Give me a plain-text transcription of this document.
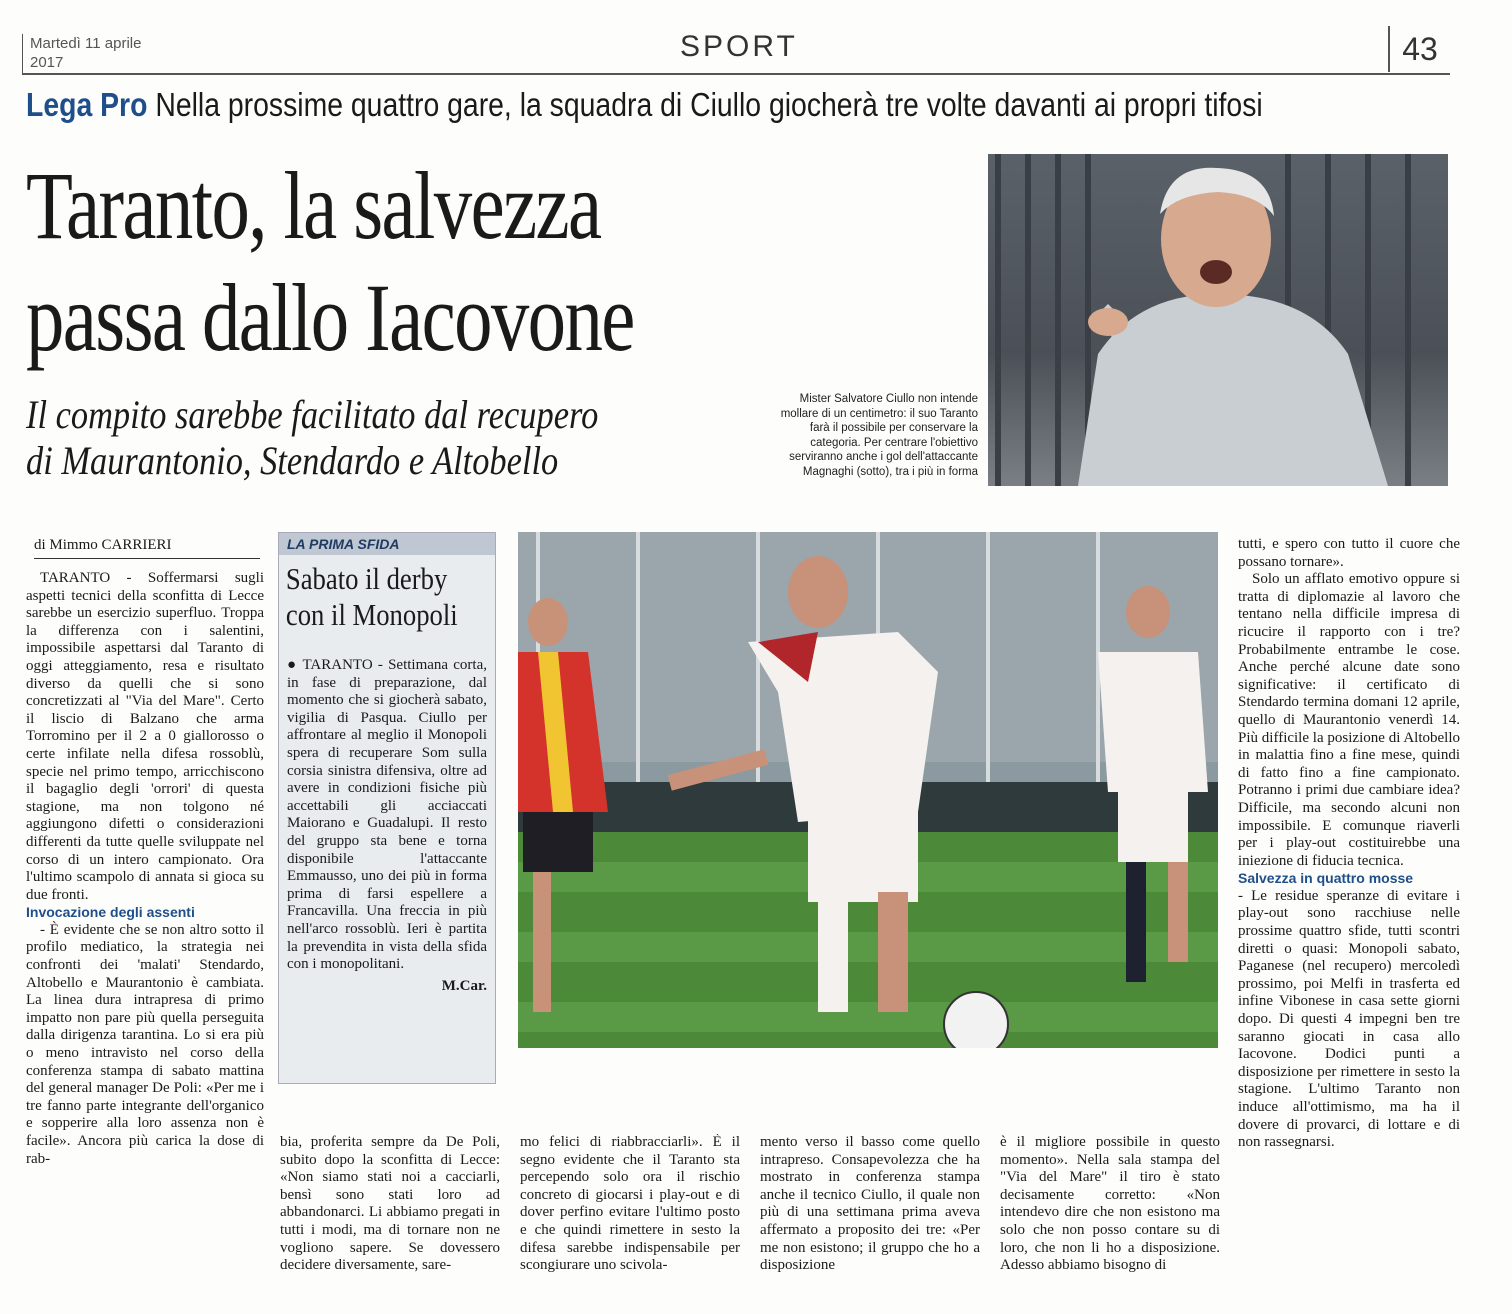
Martedì 11 aprile
2017	SPORT	43
Lega Pro Nella prossime quattro gare, la squadra di Ciullo giocherà tre volte davanti ai propri tifosi
Taranto, la salvezza
passa dallo Iacovone
Il compito sarebbe facilitato dal recupero
di Maurantonio, Stendardo e Altobello
Mister Salvatore Ciullo non intende mollare di un centimetro: il suo Taranto farà il possibile per conservare la categoria. Per centrare l'obiettivo serviranno anche i gol dell'attaccante Magnaghi (sotto), tra i più in forma
di Mimmo CARRIERI

TARANTO - Soffermarsi sugli aspetti tecnici della sconfitta di Lecce sarebbe un esercizio superfluo. Troppa la differenza con i salentini, impossibile aspettarsi dal Taranto di oggi atteggiamento, resa e risultato diverso da quelli che si sono concretizzati al "Via del Mare". Certo il liscio di Balzano che arma Torromino per il 2 a 0 giallorosso o certe infilate nella difesa rossoblù, specie nel primo tempo, arricchiscono il bagaglio degli 'orrori' di questa stagione, ma non tolgono né aggiungono difetti o considerazioni differenti da tutte quelle sviluppate nel corso di un intero campionato. Ora l'ultimo scampolo di annata si gioca su due fronti.

Invocazione degli assenti

- È evidente che se non altro sotto il profilo mediatico, la strategia nei confronti dei 'malati' Stendardo, Altobello e Maurantonio è cambiata. La linea dura intrapresa di primo impatto non pare più quella perseguita dalla dirigenza tarantina. Lo si era più o meno intravisto nel corso della conferenza stampa di sabato mattina del general manager De Poli: «Per me i tre fanno parte integrante dell'organico e sopperire alla loro assenza non è facile». Ancora più carica la dose di rab-

LA PRIMA SFIDA
Sabato il derby
con il Monopoli
● TARANTO - Settimana corta, in fase di preparazione, dal momento che si giocherà sabato, vigilia di Pasqua. Ciullo per affrontare al meglio il Monopoli spera di recuperare Som sulla corsia sinistra difensiva, oltre ad avere in condizioni fisiche più accettabili gli acciaccati Maiorano e Guadalupi. Il resto del gruppo sta bene e torna disponibile l'attaccante Emmausso, uno dei più in forma prima di farsi espellere a Francavilla. Una freccia in più nell'arco rossoblù. Ieri è partita la prevendita in vista della sfida con i monopolitani.
M.Car.

bia, proferita sempre da De Poli, subito dopo la sconfitta di Lecce: «Non siamo stati noi a cacciarli, bensì sono stati loro ad abbandonarci. Li abbiamo pregati in tutti i modi, ma di tornare non ne vogliono sapere. Se dovessero decidere diversamente, sare-

mo felici di riabbracciarli». È il segno evidente che il Taranto sta percependo solo ora il rischio concreto di giocarsi i play-out e di dover perfino evitare l'ultimo posto e che quindi rimettere in sesto la difesa sarebbe indispensabile per scongiurare uno scivola-

mento verso il basso come quello intrapreso. Consapevolezza che ha mostrato in conferenza stampa anche il tecnico Ciullo, il quale non più di una settimana prima aveva affermato a proposito dei tre: «Per me non esistono; il gruppo che ho a disposizione

è il migliore possibile in questo momento». Nella sala stampa del "Via del Mare" il tiro è stato decisamente corretto: «Non intendevo dire che non esistono ma solo che non posso contare su di loro, che non li ho a disposizione. Adesso abbiamo bisogno di

tutti, e spero con tutto il cuore che possano tornare».

Solo un afflato emotivo oppure si tratta di diplomazie al lavoro che tentano nella difficile impresa di ricucire il rapporto con i tre? Probabilmente entrambe le cose. Anche perché alcune date sono significative: il certificato di Stendardo termina domani 12 aprile, quello di Maurantonio venerdì 14. Più difficile la posizione di Altobello in malattia fino a fine mese, quindi di fatto fino a fine campionato. Potranno i primi due cambiare idea? Difficile, ma secondo alcuni non impossibile. E comunque riaverli per i play-out costituirebbe una iniezione di fiducia tecnica.

Salvezza in quattro mosse

- Le residue speranze di evitare i play-out sono racchiuse nelle prossime quattro sfide, tutti scontri diretti o quasi: Monopoli sabato, Paganese (nel recupero) mercoledì prossimo, poi Melfi in trasferta ed infine Vibonese in casa sette giorni dopo. Di questi 4 impegni ben tre saranno giocati in casa allo Iacovone. Dodici punti a disposizione per rimettere in sesto la stagione. L'ultimo Taranto non induce all'ottimismo, ma ha il dovere di provarci, di lottare e di non rassegnarsi.
